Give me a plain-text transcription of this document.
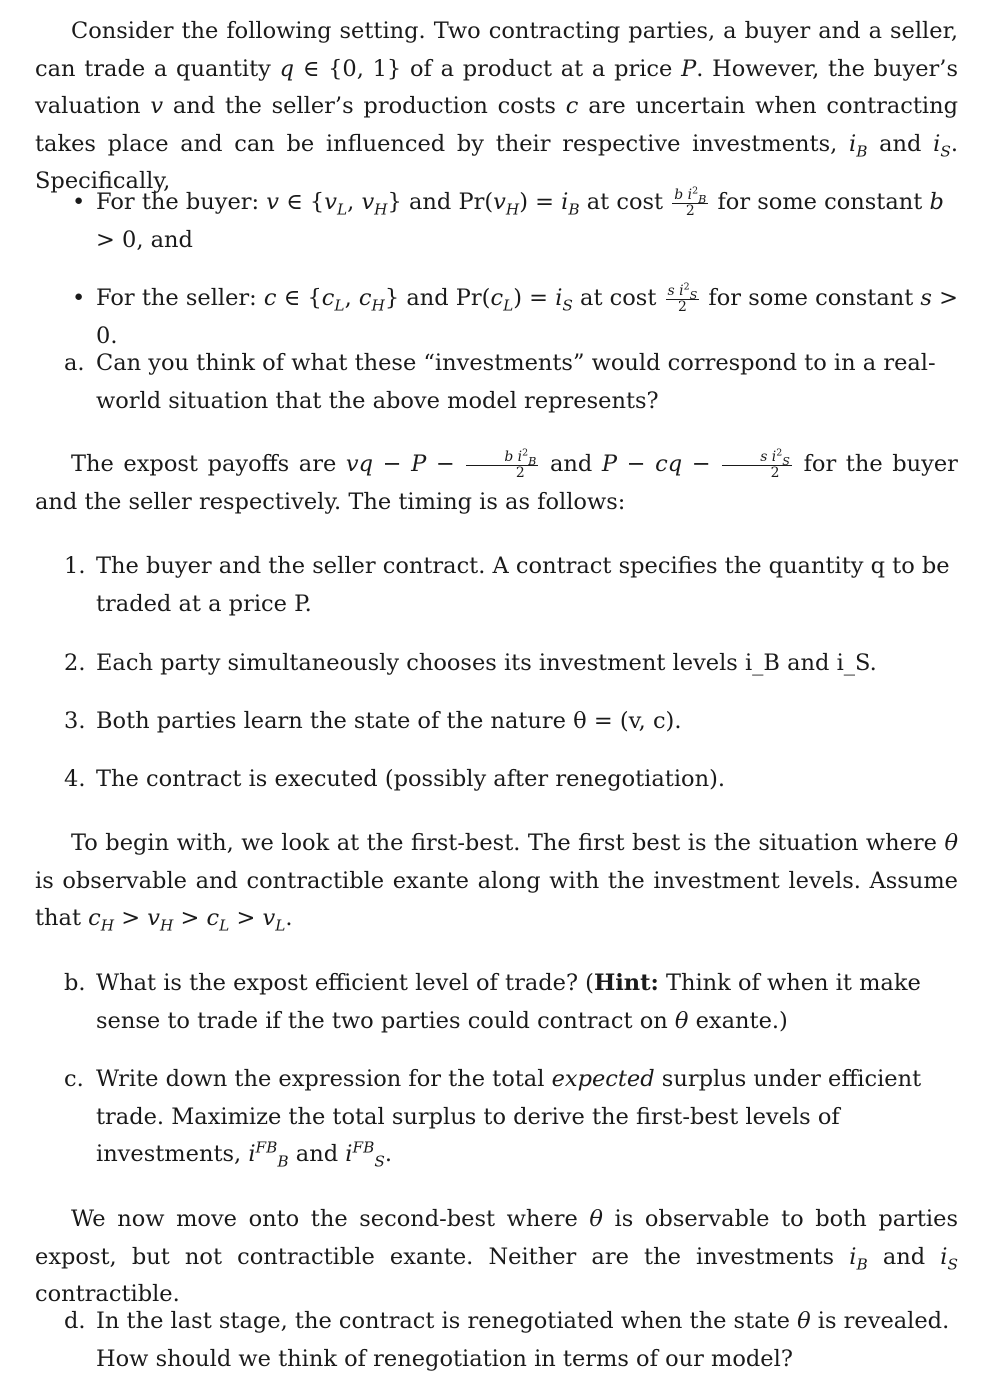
Consider the following setting. Two contracting parties, a buyer and a seller, can trade a quantity q ∈ {0, 1} of a product at a price P. However, the buyer’s valuation v and the seller’s production costs c are uncertain when contracting takes place and can be influenced by their respective investments, $i_B$ and $i_S$. Specifically,

• For the buyer: v ∈ {$v_L$, $v_H$} and $Pr(v_H) = i_B$ at cost $\frac{b i^2_B}{2}$ for some constant b > 0, and
• For the seller: c ∈ {$c_L$, $c_H$} and $Pr(c_L) = i_S$ at cost $\frac{s i^2_S}{2}$ for some constant s > 0.
a. Can you think of what these “investments” would correspond to in a real-world situation that the above model represents?

The expost payoffs are vq − $P - \frac{b i^2_B}{2}$ and P − cq − $\frac{s i^2_S}{2}$ for the buyer and the seller respectively. The timing is as follows:

1. The buyer and the seller contract. A contract specifies the quantity q to be traded at a price P.
2. Each party simultaneously chooses its investment levels i_B and i_S.
3. Both parties learn the state of the nature θ = (v, c).
4. The contract is executed (possibly after renegotiation).

To begin with, we look at the first-best. The first best is the situation where θ is observable and contractible exante along with the investment levels. Assume that $c_H > v_H > c_L > v_L$.

b. What is the expost efficient level of trade? (Hint: Think of when it make sense to trade if the two parties could contract on θ exante.)
c. Write down the expression for the total expected surplus under efficient trade. Maximize the total surplus to derive the first-best levels of investments, $i^{FB}_B$ and $i^{FB}_S$.

We now move onto the second-best where θ is observable to both parties expost, but not contractible exante. Neither are the investments $i_B$ and $i_S$ contractible.

d. In the last stage, the contract is renegotiated when the state θ is revealed. How should we think of renegotiation in terms of our model?
